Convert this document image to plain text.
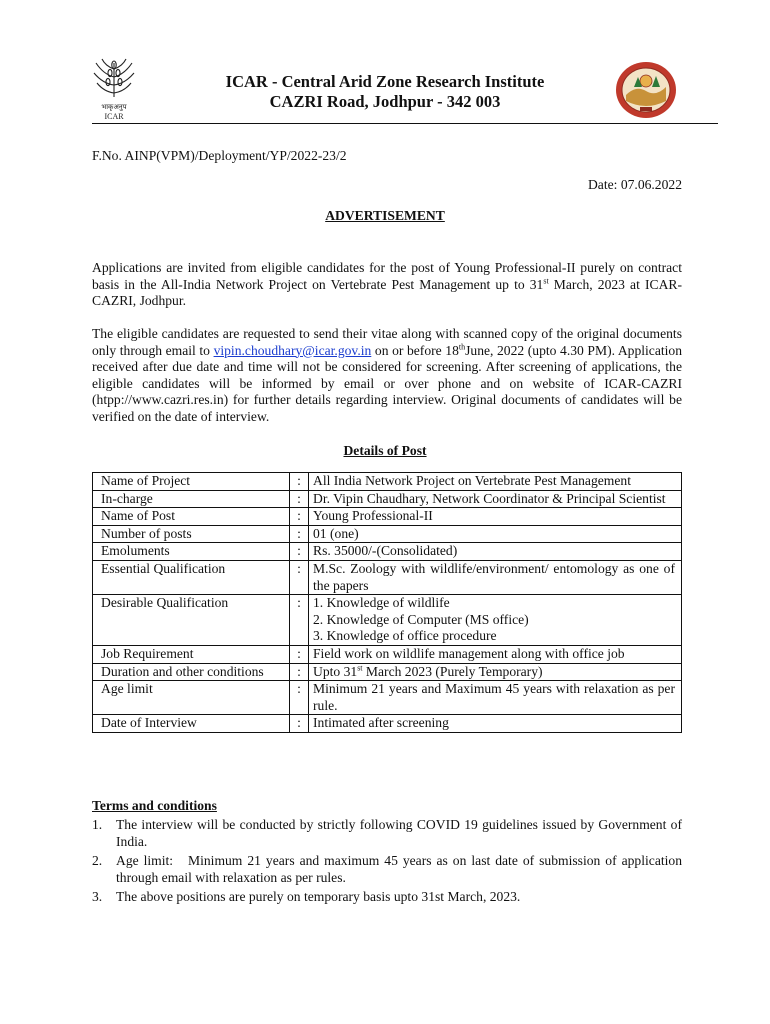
भाकृअनुप
ICAR
ICAR - Central Arid Zone Research Institute
CAZRI Road, Jodhpur - 342 003
F.No. AINP(VPM)/Deployment/YP/2022-23/2
Date: 07.06.2022
ADVERTISEMENT
Applications are invited from eligible candidates for the post of Young Professional-II purely on contract basis in the All-India Network Project on Vertebrate Pest Management up to 31st March, 2023 at ICAR-CAZRI, Jodhpur.
The eligible candidates are requested to send their vitae along with scanned copy of the original documents only through email to vipin.choudhary@icar.gov.in on or before 18thJune, 2022 (upto 4.30 PM). Application received after due date and time will not be considered for screening. After screening of applications, the eligible candidates will be informed by email or over phone and on website of ICAR-CAZRI (htpp://www.cazri.res.in) for further details regarding interview. Original documents of candidates will be verified on the date of interview.
Details of Post
Name of Project	:	All India Network Project on Vertebrate Pest Management
In-charge	:	Dr. Vipin Chaudhary, Network Coordinator & Principal Scientist
Name of Post	:	Young Professional-II
Number of posts	:	01 (one)
Emoluments	:	Rs. 35000/-(Consolidated)
Essential Qualification	:	M.Sc. Zoology with wildlife/environment/ entomology as one of the papers
Desirable Qualification	:	1. Knowledge of wildlife
2. Knowledge of Computer (MS office)
3. Knowledge of office procedure

Job Requirement	:	Field work on wildlife management along with office job
Duration and other conditions	:	Upto 31st March 2023 (Purely Temporary)
Age limit	:	Minimum 21 years and Maximum 45 years with relaxation as per rule.
Date of Interview	:	Intimated after screening
Terms and conditions
1. The interview will be conducted by strictly following COVID 19 guidelines issued by Government of India.
2. Age limit:   Minimum 21 years and maximum 45 years as on last date of submission of application through email with relaxation as per rules.
3. The above positions are purely on temporary basis upto 31st March, 2023.
